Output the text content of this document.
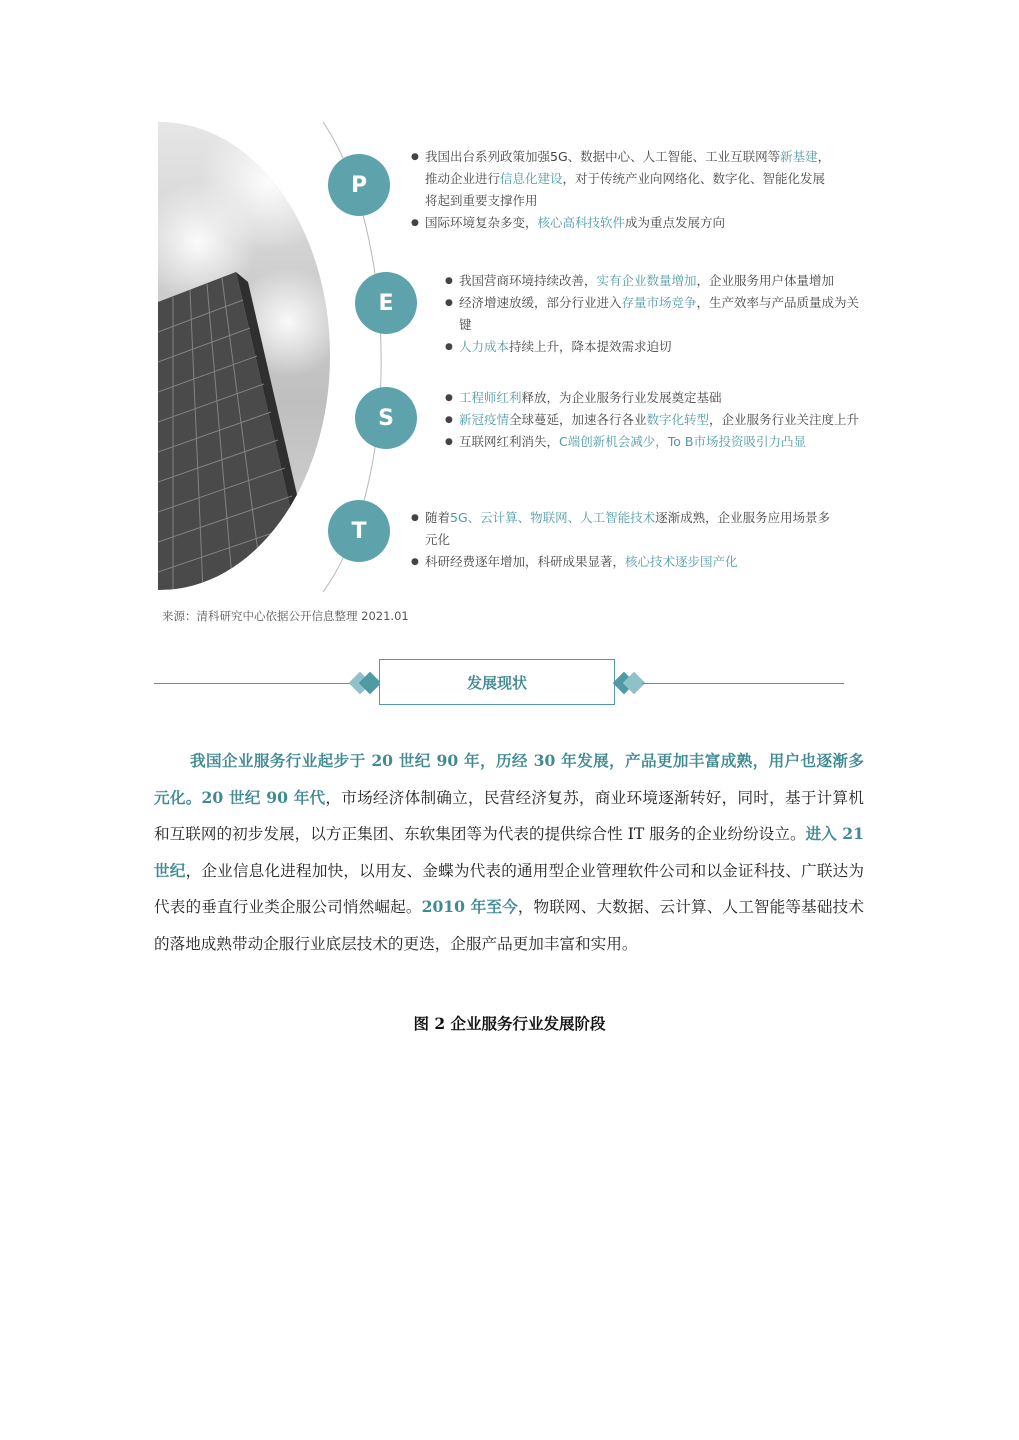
P
E
S
T
● 我国出台系列政策加强5G、数据中心、人工智能、工业互联网等新基建，推动企业进行信息化建设，对于传统产业向网络化、数字化、智能化发展将起到重要支撑作用
● 国际环境复杂多变，核心高科技软件成为重点发展方向
● 我国营商环境持续改善，实有企业数量增加，企业服务用户体量增加
● 经济增速放缓，部分行业进入存量市场竞争，生产效率与产品质量成为关键
● 人力成本持续上升，降本提效需求迫切
● 工程师红利释放，为企业服务行业发展奠定基础
● 新冠疫情全球蔓延，加速各行各业数字化转型，企业服务行业关注度上升
● 互联网红利消失，C端创新机会减少，To B市场投资吸引力凸显
● 随着5G、云计算、物联网、人工智能技术逐渐成熟，企业服务应用场景多元化
● 科研经费逐年增加，科研成果显著，核心技术逐步国产化
来源：清科研究中心依据公开信息整理 2021.01
发展现状
我国企业服务行业起步于 20 世纪 90 年，历经 30 年发展，产品更加丰富成熟，用户也逐渐多元化。20 世纪 90 年代，市场经济体制确立，民营经济复苏，商业环境逐渐转好，同时，基于计算机和互联网的初步发展，以方正集团、东软集团等为代表的提供综合性 IT 服务的企业纷纷设立。进入 21 世纪，企业信息化进程加快，以用友、金蝶为代表的通用型企业管理软件公司和以金证科技、广联达为代表的垂直行业类企服公司悄然崛起。2010 年至今，物联网、大数据、云计算、人工智能等基础技术的落地成熟带动企服行业底层技术的更迭，企服产品更加丰富和实用。
图 2 企业服务行业发展阶段
